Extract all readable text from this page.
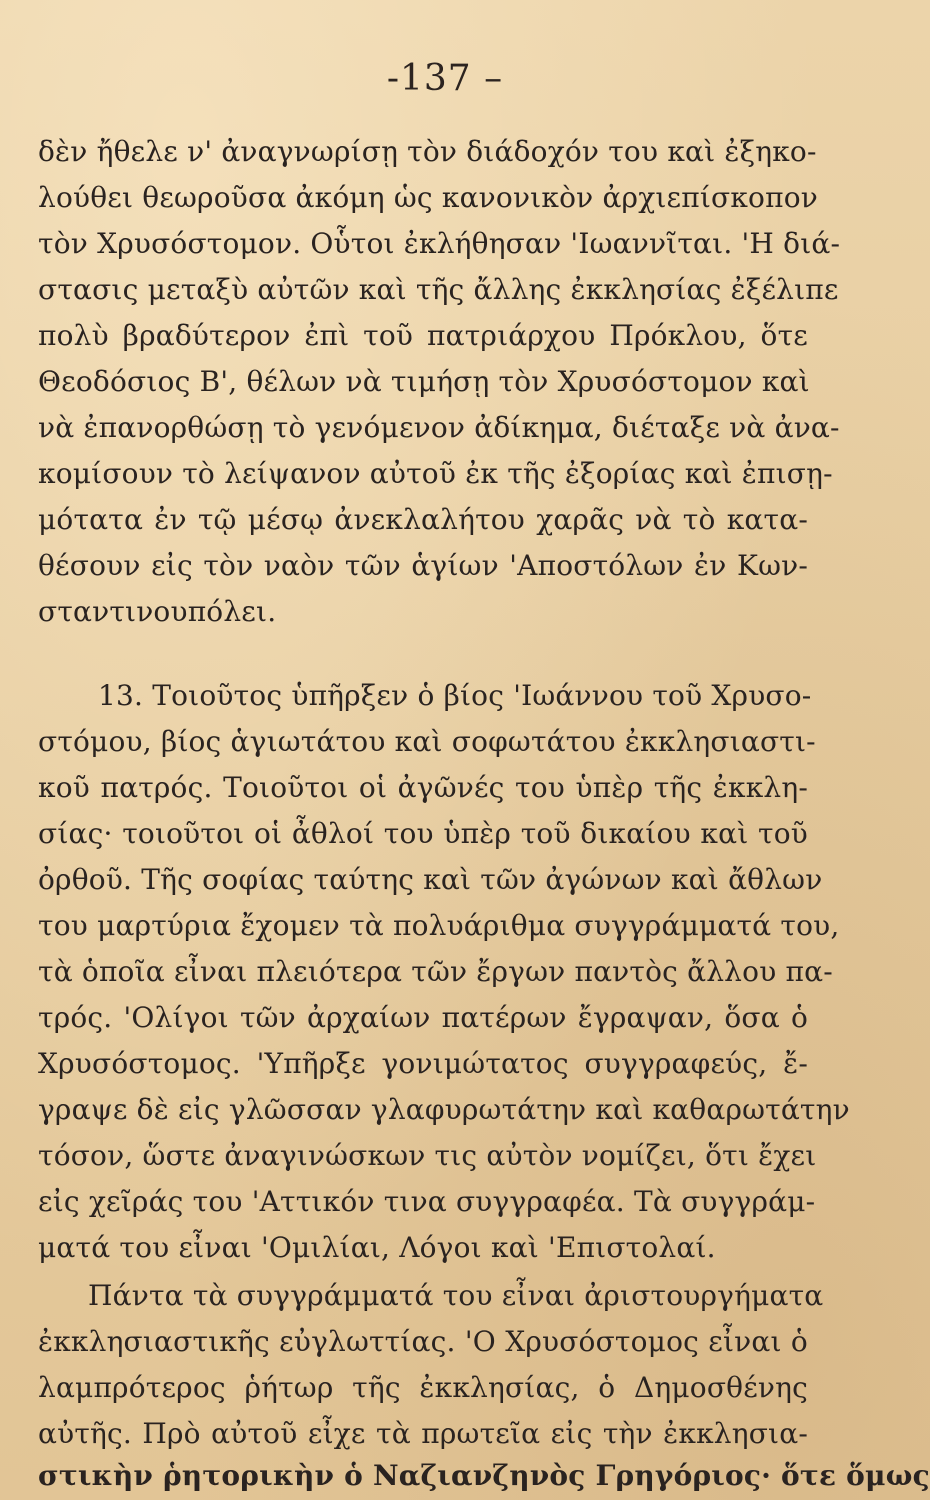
-137 –
δὲν ἤθελε ν' ἀναγνωρίσῃ τὸν διάδοχόν του καὶ ἐξηκο-
λούθει θεωροῦσα ἀκόμη ὡς κανονικὸν ἀρχιεπίσκοπον
τὸν Χρυσόστομον. Οὗτοι ἐκλήθησαν 'Ιωαννῖται. 'Η διά-
στασις μεταξὺ αὐτῶν καὶ τῆς ἄλλης ἐκκλησίας ἐξέλιπε
πολὺ βραδύτερον ἐπὶ τοῦ πατριάρχου Πρόκλου, ὅτε
Θεοδόσιος Β', θέλων νὰ τιμήσῃ τὸν Χρυσόστομον καὶ
νὰ ἐπανορθώσῃ τὸ γενόμενον ἀδίκημα, διέταξε νὰ ἀνα-
κομίσουν τὸ λείψανον αὐτοῦ ἐκ τῆς ἐξορίας καὶ ἐπισῃ-
μότατα ἐν τῷ μέσῳ ἀνεκλαλήτου χαρᾶς νὰ τὸ κατα-
θέσουν εἰς τὸν ναὸν τῶν ἁγίων 'Αποστόλων ἐν Κων-
σταντινουπόλει.
13. Τοιοῦτος ὑπῆρξεν ὁ βίος 'Ιωάννου τοῦ Χρυσο-
στόμου, βίος ἁγιωτάτου καὶ σοφωτάτου ἐκκλησιαστι-
κοῦ πατρός. Τοιοῦτοι οἱ ἀγῶνές του ὑπὲρ τῆς ἐκκλη-
σίας· τοιοῦτοι οἱ ἆθλοί του ὑπὲρ τοῦ δικαίου καὶ τοῦ
ὀρθοῦ. Τῆς σοφίας ταύτης καὶ τῶν ἀγώνων καὶ ἄθλων
του μαρτύρια ἔχομεν τὰ πολυάριθμα συγγράμματά του,
τὰ ὁποῖα εἶναι πλειότερα τῶν ἔργων παντὸς ἄλλου πα-
τρός. 'Ολίγοι τῶν ἀρχαίων πατέρων ἔγραψαν, ὅσα ὁ
Χρυσόστομος. 'Υπῆρξε γονιμώτατος συγγραφεύς, ἔ-
γραψε δὲ εἰς γλῶσσαν γλαφυρωτάτην καὶ καθαρωτάτην
τόσον, ὥστε ἀναγινώσκων τις αὐτὸν νομίζει, ὅτι ἔχει
εἰς χεῖράς του 'Αττικόν τινα συγγραφέα. Τὰ συγγράμ-
ματά του εἶναι 'Ομιλίαι, Λόγοι καὶ 'Επιστολαί.
Πάντα τὰ συγγράμματά του εἶναι ἀριστουργήματα
ἐκκλησιαστικῆς εὐγλωττίας. 'Ο Χρυσόστομος εἶναι ὁ
λαμπρότερος ῥήτωρ τῆς ἐκκλησίας, ὁ Δημοσθένης
αὐτῆς. Πρὸ αὐτοῦ εἶχε τὰ πρωτεῖα εἰς τὴν ἐκκλησια-
στικὴν ῥητορικὴν ὁ Ναζιανζηνὸς Γρηγόριος· ὅτε ὅμως
